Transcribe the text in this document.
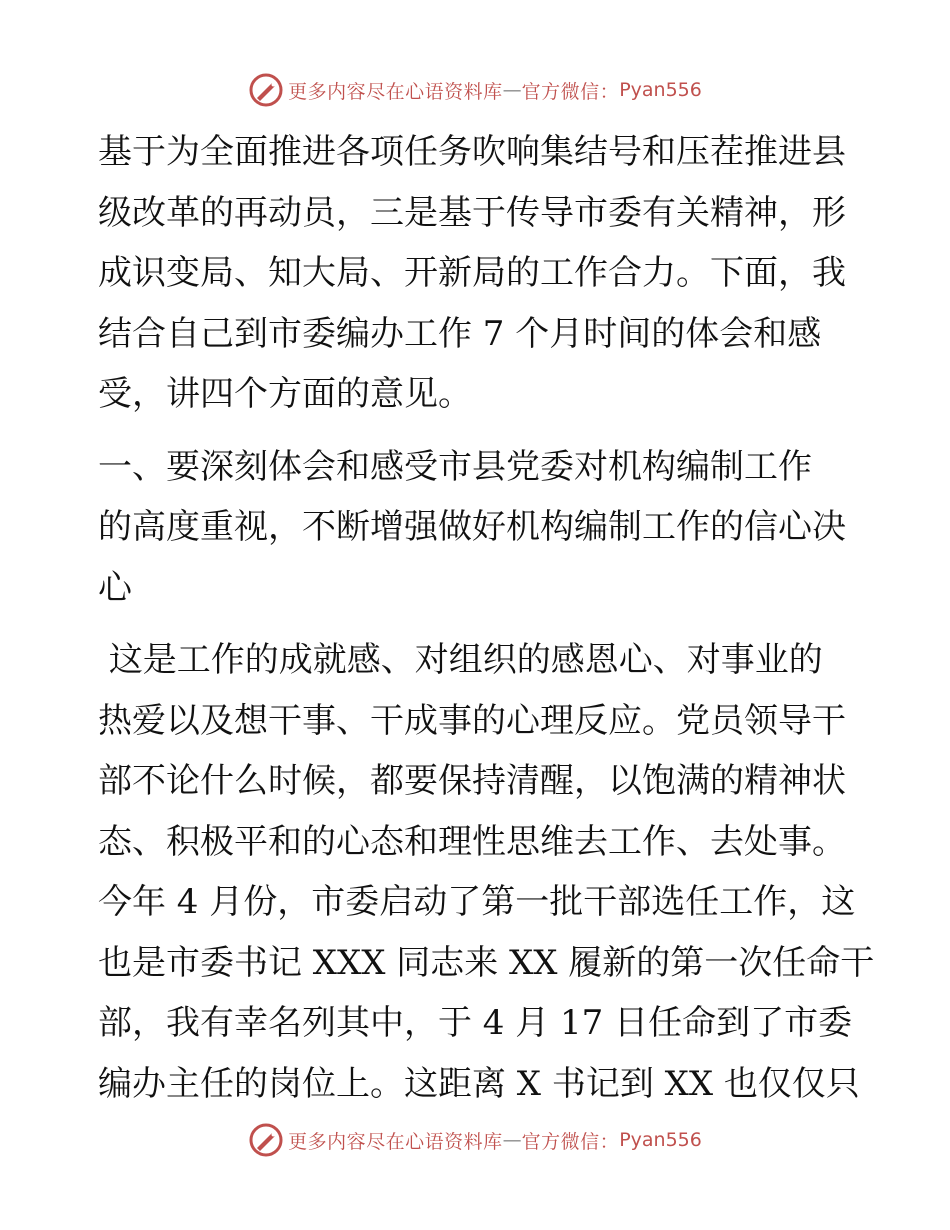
更多内容尽在心语资料库 — 官方微信： Pyan556
基于为全面推进各项任务吹响集结号和压茬推进县
级改革的再动员，三是基于传导市委有关精神，形
成识变局、知大局、开新局的工作合力。下面，我
结合自己到市委编办工作 7 个月时间的体会和感
受，讲四个方面的意见。
一、要深刻体会和感受市县党委对机构编制工作
的高度重视，不断增强做好机构编制工作的信心决
心
这是工作的成就感、对组织的感恩心、对事业的
热爱以及想干事、干成事的心理反应。党员领导干
部不论什么时候，都要保持清醒，以饱满的精神状
态、积极平和的心态和理性思维去工作、去处事。
今年 4 月份，市委启动了第一批干部选任工作，这
也是市委书记 XXX 同志来 XX 履新的第一次任命干
部，我有幸名列其中，于 4 月 17 日任命到了市委
编办主任的岗位上。这距离 X 书记到 XX 也仅仅只
更多内容尽在心语资料库 — 官方微信： Pyan556
